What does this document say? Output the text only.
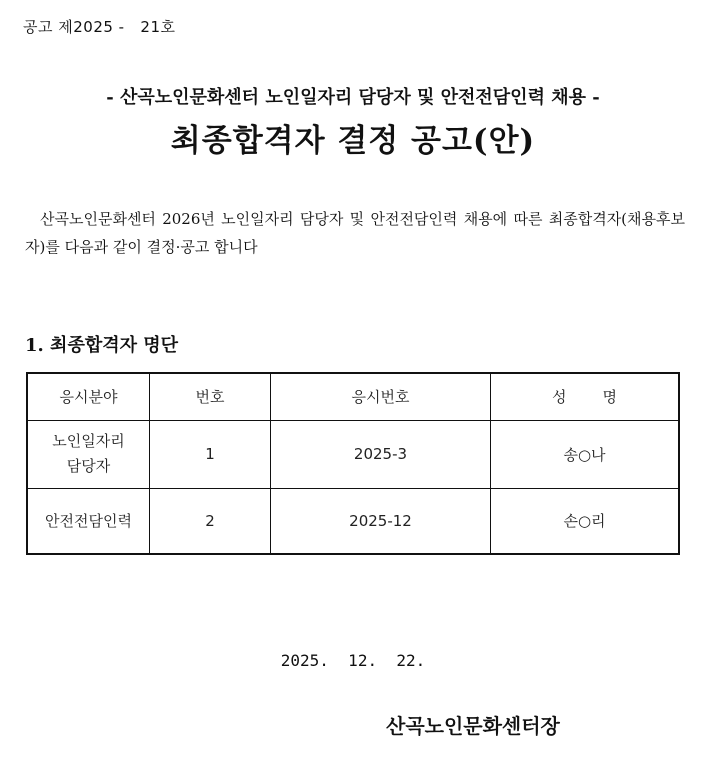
공고 제2025 -   21호
- 산곡노인문화센터 노인일자리 담당자 및 안전전담인력 채용 -
최종합격자 결정 공고(안)
산곡노인문화센터 2026년 노인일자리 담당자 및 안전전담인력 채용에 따른 최종합격자(채용후보자)를 다음과 같이 결정·공고 합니다
1. 최종합격자 명단
응시분야	번호	응시번호	성 명
노인일자리
담당자	1	2025-3	송○나
안전전담인력	2	2025-12	손○리
2025.  12.  22.
산곡노인문화센터장
